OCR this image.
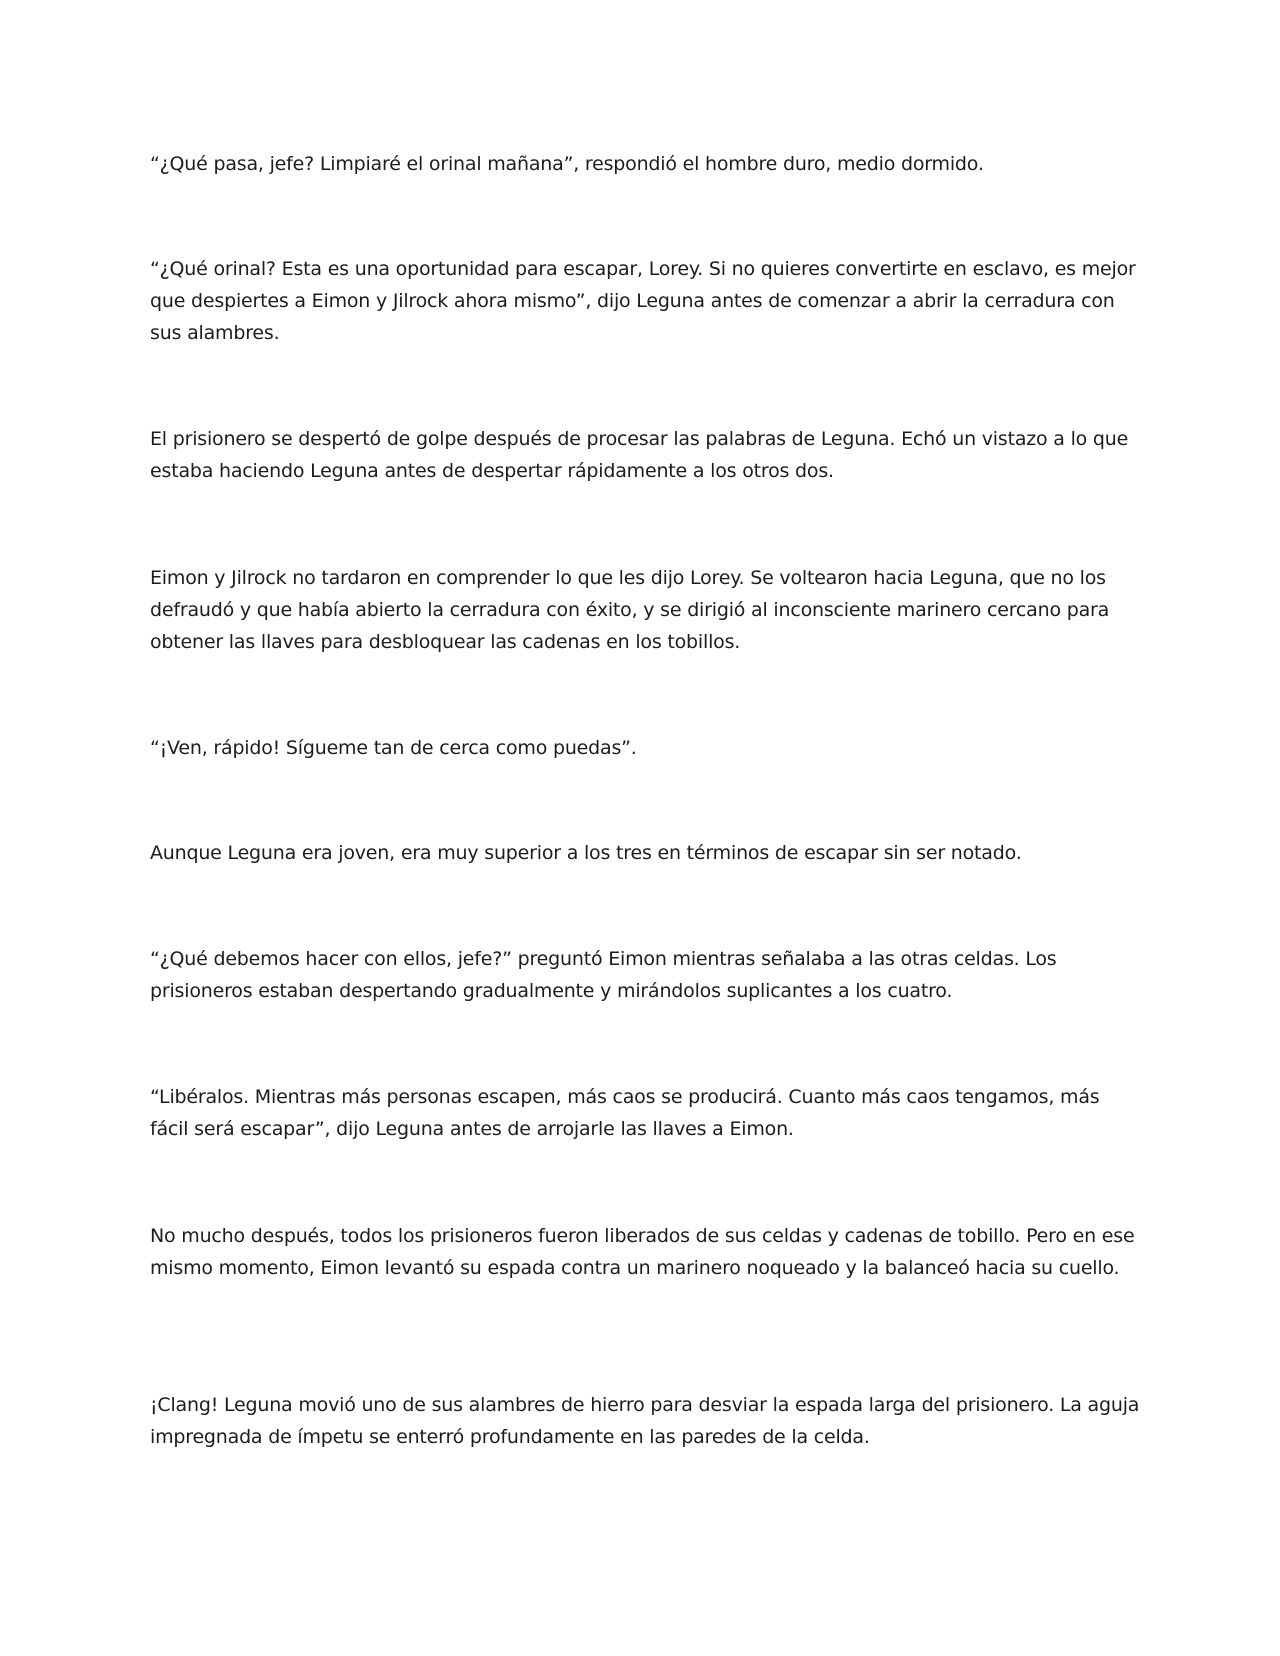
“¿Qué pasa, jefe? Limpiaré el orinal mañana”, respondió el hombre duro, medio dormido.

“¿Qué orinal? Esta es una oportunidad para escapar, Lorey. Si no quieres convertirte en esclavo, es mejor que despiertes a Eimon y Jilrock ahora mismo”, dijo Leguna antes de comenzar a abrir la cerradura con sus alambres.

El prisionero se despertó de golpe después de procesar las palabras de Leguna. Echó un vistazo a lo que estaba haciendo Leguna antes de despertar rápidamente a los otros dos.

Eimon y Jilrock no tardaron en comprender lo que les dijo Lorey. Se voltearon hacia Leguna, que no los defraudó y que había abierto la cerradura con éxito, y se dirigió al inconsciente marinero cercano para obtener las llaves para desbloquear las cadenas en los tobillos.

“¡Ven, rápido! Sígueme tan de cerca como puedas”.

Aunque Leguna era joven, era muy superior a los tres en términos de escapar sin ser notado.

“¿Qué debemos hacer con ellos, jefe?” preguntó Eimon mientras señalaba a las otras celdas. Los prisioneros estaban despertando gradualmente y mirándolos suplicantes a los cuatro.

“Libéralos. Mientras más personas escapen, más caos se producirá. Cuanto más caos tengamos, más fácil será escapar”, dijo Leguna antes de arrojarle las llaves a Eimon.

No mucho después, todos los prisioneros fueron liberados de sus celdas y cadenas de tobillo. Pero en ese mismo momento, Eimon levantó su espada contra un marinero noqueado y la balanceó hacia su cuello.

¡Clang! Leguna movió uno de sus alambres de hierro para desviar la espada larga del prisionero. La aguja impregnada de ímpetu se enterró profundamente en las paredes de la celda.
